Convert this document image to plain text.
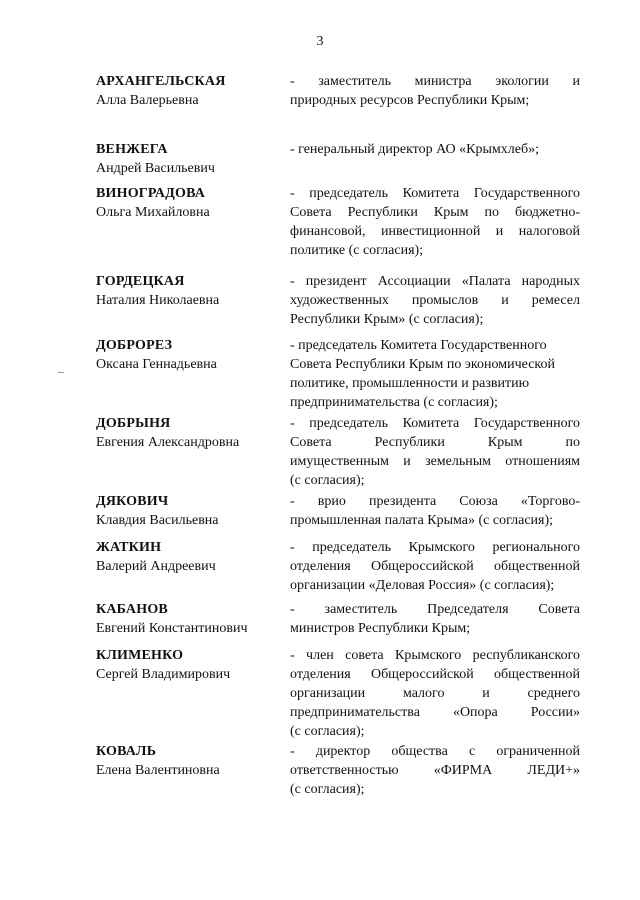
3
АРХАНГЕЛЬСКАЯ
Алла Валерьевна
- заместитель министра экологии и
природных ресурсов Республики Крым;
ВЕНЖЕГА
Андрей Васильевич
- генеральный директор АО «Крымхлеб»;
ВИНОГРАДОВА
Ольга Михайловна
- председатель Комитета Государственного
Совета Республики Крым по бюджетно-
финансовой, инвестиционной и налоговой
политике (с согласия);
ГОРДЕЦКАЯ
Наталия Николаевна
- президент Ассоциации «Палата народных
художественных промыслов и ремесел
Республики Крым» (с согласия);
ДОБРОРЕЗ
Оксана Геннадьевна
- председатель Комитета Государственного
Совета Республики Крым по экономической
политике, промышленности и развитию
предпринимательства (с согласия);
ДОБРЫНЯ
Евгения Александровна
- председатель Комитета Государственного
Совета Республики Крым по
имущественным и земельным отношениям
(с согласия);
ДЯКОВИЧ
Клавдия Васильевна
- врио президента Союза «Торгово-
промышленная палата Крыма» (с согласия);
ЖАТКИН
Валерий Андреевич
- председатель Крымского регионального
отделения Общероссийской общественной
организации «Деловая Россия» (с согласия);
КАБАНОВ
Евгений Константинович
- заместитель Председателя Совета
министров Республики Крым;
КЛИМЕНКО
Сергей Владимирович
- член совета Крымского республиканского
отделения Общероссийской общественной
организации малого и среднего
предпринимательства «Опора России»
(с согласия);
КОВАЛЬ
Елена Валентиновна
- директор общества с ограниченной
ответственностью «ФИРМА ЛЕДИ+»
(с согласия);
